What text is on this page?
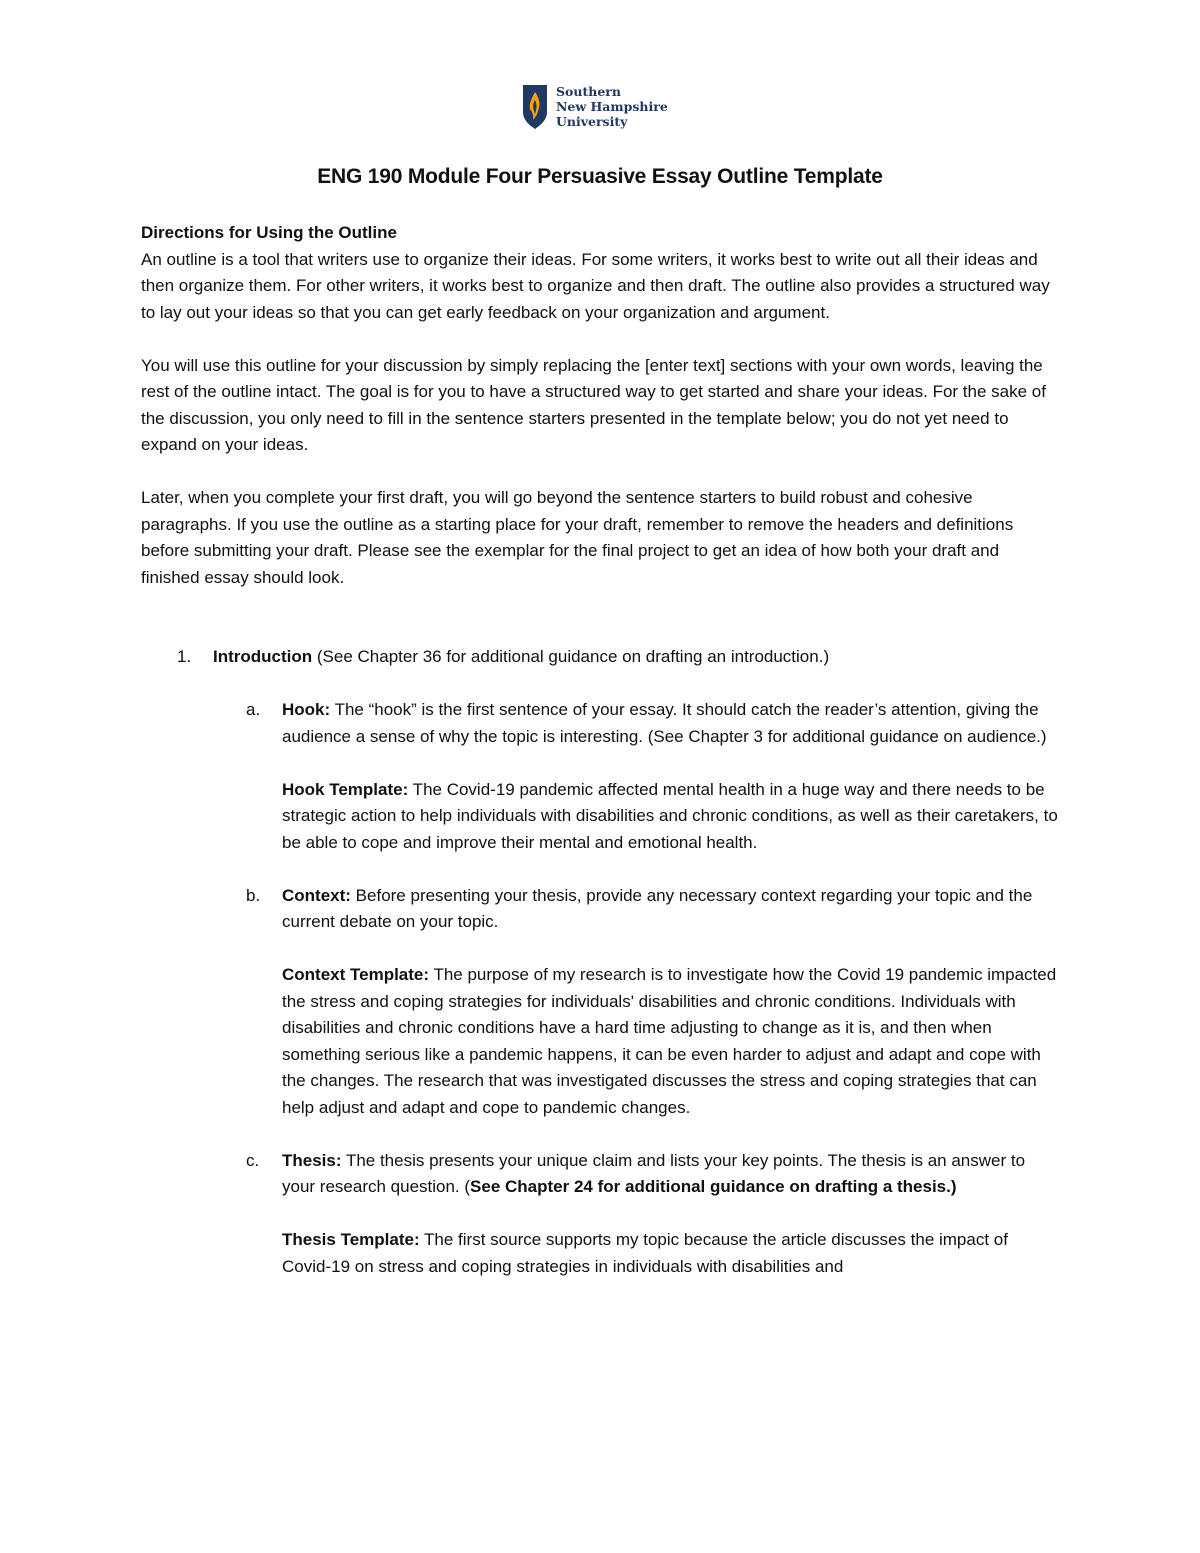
Southern
New Hampshire
University
ENG 190 Module Four Persuasive Essay Outline Template

Directions for Using the Outline

An outline is a tool that writers use to organize their ideas. For some writers, it works best to write out all their ideas and then organize them. For other writers, it works best to organize and then draft. The outline also provides a structured way to lay out your ideas so that you can get early feedback on your organization and argument.

You will use this outline for your discussion by simply replacing the [enter text] sections with your own words, leaving the rest of the outline intact. The goal is for you to have a structured way to get started and share your ideas. For the sake of the discussion, you only need to fill in the sentence starters presented in the template below; you do not yet need to expand on your ideas.

Later, when you complete your first draft, you will go beyond the sentence starters to build robust and cohesive paragraphs. If you use the outline as a starting place for your draft, remember to remove the headers and definitions before submitting your draft. Please see the exemplar for the final project to get an idea of how both your draft and finished essay should look.

1. Introduction (See Chapter 36 for additional guidance on drafting an introduction.)

a. Hook: The “hook” is the first sentence of your essay. It should catch the reader’s attention, giving the audience a sense of why the topic is interesting. (See Chapter 3 for additional guidance on audience.)

Hook Template: The Covid-19 pandemic affected mental health in a huge way and there needs to be strategic action to help individuals with disabilities and chronic conditions, as well as their caretakers, to be able to cope and improve their mental and emotional health.

b. Context: Before presenting your thesis, provide any necessary context regarding your topic and the current debate on your topic.

Context Template: The purpose of my research is to investigate how the Covid 19 pandemic impacted the stress and coping strategies for individuals' disabilities and chronic conditions. Individuals with disabilities and chronic conditions have a hard time adjusting to change as it is, and then when something serious like a pandemic happens, it can be even harder to adjust and adapt and cope with the changes. The research that was investigated discusses the stress and coping strategies that can help adjust and adapt and cope to pandemic changes.

c. Thesis: The thesis presents your unique claim and lists your key points. The thesis is an answer to your research question. (See Chapter 24 for additional guidance on drafting a thesis.)

Thesis Template: The first source supports my topic because the article discusses the impact of Covid-19 on stress and coping strategies in individuals with disabilities and
